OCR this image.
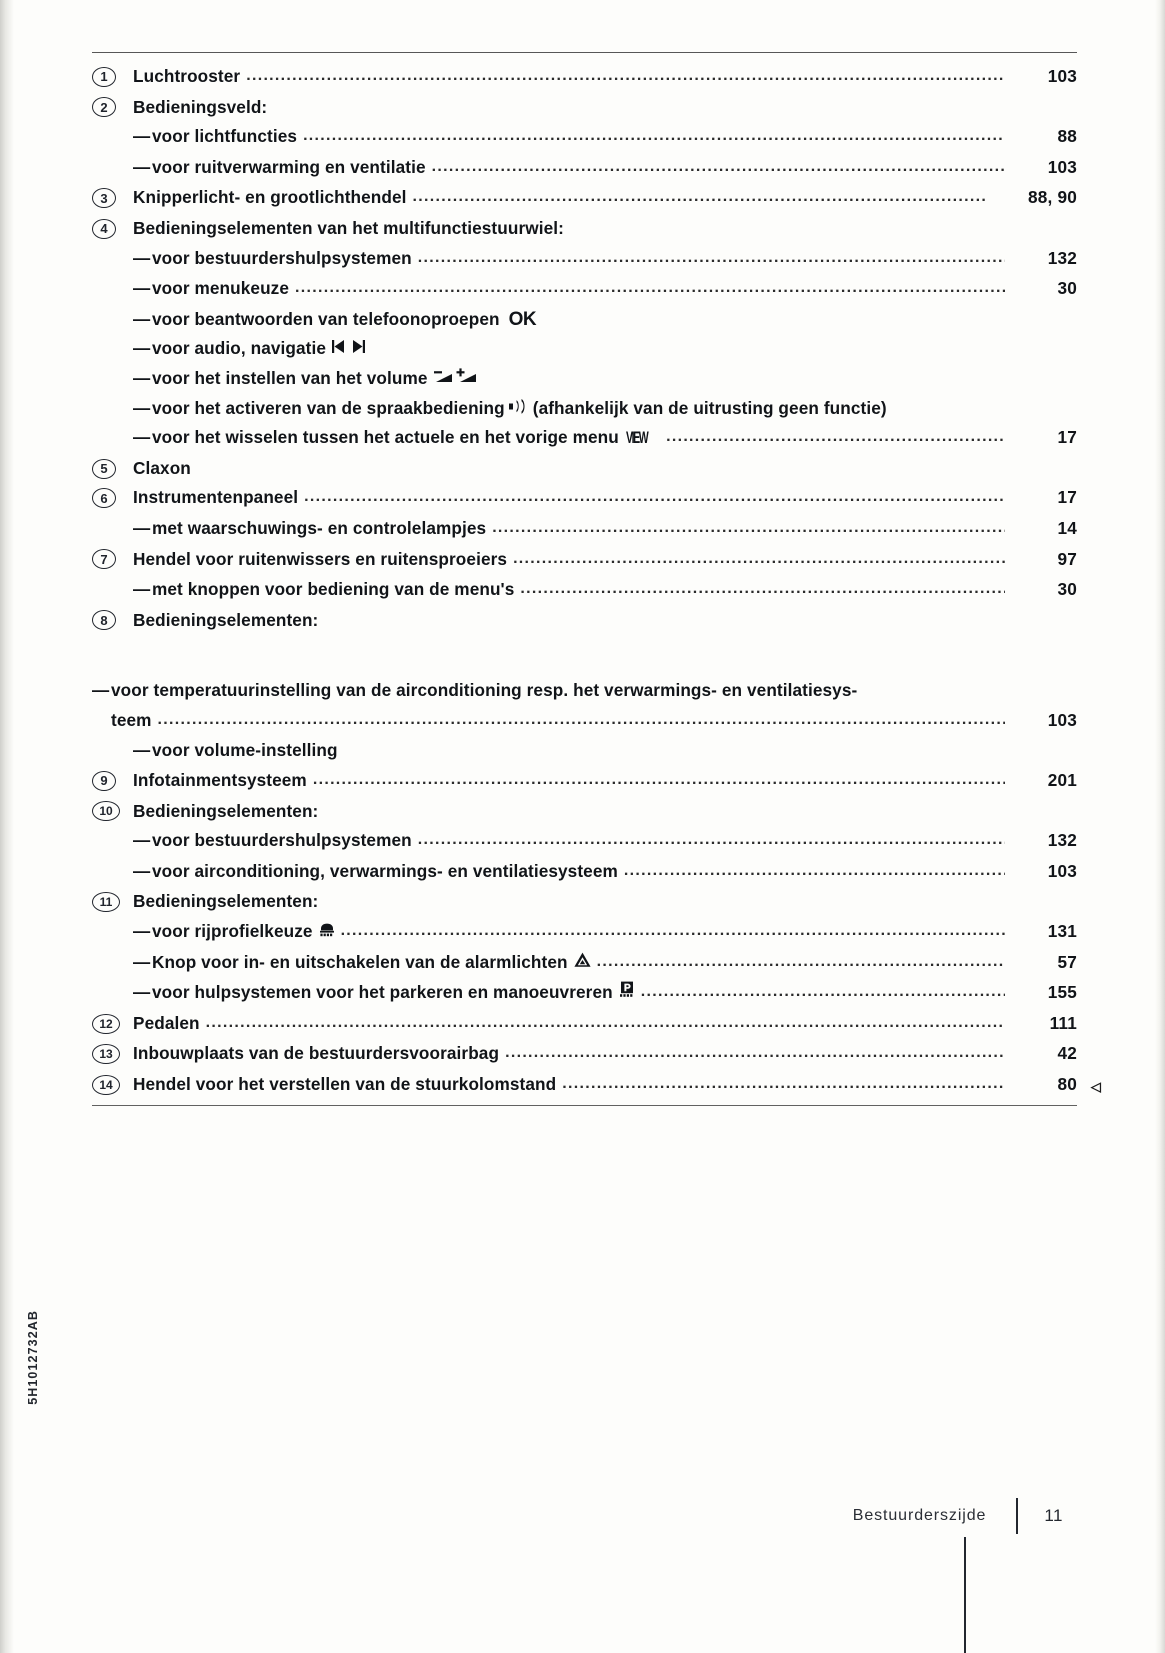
1	Luchtrooster .....	103
2	Bedieningsveld:
— voor lichtfuncties .....	88
— voor ruitverwarming en ventilatie .....	103
3	Knipperlicht- en grootlichthendel .....	88, 90
4	Bedieningselementen van het multifunctiestuurwiel:
— voor bestuurdershulpsystemen .....	132
— voor menukeuze .....	30
— voor beantwoorden van telefoonoproepen OK
— voor audio, navigatie
— voor het instellen van het volume
— voor het activeren van de spraakbediening (afhankelijk van de uitrusting geen functie)
— voor het wisselen tussen het actuele en het vorige menu VIEW .....	17
5	Claxon
6	Instrumentenpaneel .....	17
— met waarschuwings- en controlelampjes .....	14
7	Hendel voor ruitenwissers en ruitensproeiers .....	97
— met knoppen voor bediening van de menu's .....	30
8	Bedieningselementen:
— voor temperatuurinstelling van de airconditioning resp. het verwarmings- en ventilatiesys-
teem .....	103
— voor volume-instelling
9	Infotainmentsysteem .....	201
10	Bedieningselementen:
— voor bestuurdershulpsystemen .....	132
— voor airconditioning, verwarmings- en ventilatiesysteem .....	103
11	Bedieningselementen:
— voor rijprofielkeuze .....	131
— Knop voor in- en uitschakelen van de alarmlichten .....	57
— voor hulpsystemen voor het parkeren en manoeuvreren .....	155
12	Pedalen .....	111
13	Inbouwplaats van de bestuurdersvoorairbag .....	42
14	Hendel voor het verstellen van de stuurkolomstand .....	80 ◁
5H1012732AB
Bestuurderszijde	11
